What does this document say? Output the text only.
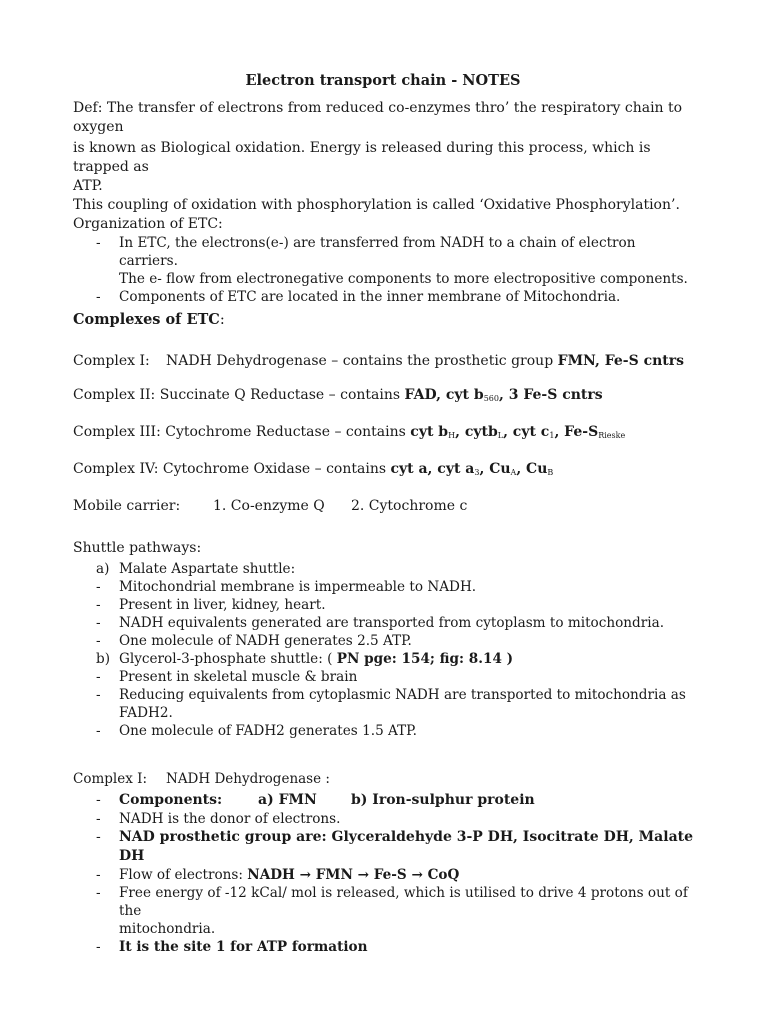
Electron transport chain - NOTES

Def: The transfer of electrons from reduced co-enzymes thro’ the respiratory chain to oxygen

is known as Biological oxidation. Energy is released during this process, which is trapped as

ATP.

This coupling of oxidation with phosphorylation is called ‘Oxidative Phosphorylation’.

Organization of ETC:

- In ETC, the electrons(e-) are transferred from NADH to a chain of electron carriers.
The e- flow from electronegative components to more electropositive components.
- Components of ETC are located in the inner membrane of Mitochondria.
Complexes of ETC:

Complex I: NADH Dehydrogenase – contains the prosthetic group FMN, Fe-S cntrs

Complex II: Succinate Q Reductase – contains FAD, cyt $b_{560}$, 3 Fe-S cntrs

Complex III: Cytochrome Reductase – contains cyt $b_H$, cytb$_L$, cyt $c_1$, $Fe-S_{Rieske}$

Complex IV: Cytochrome Oxidase – contains cyt a, cyt $a_3$, $Cu_A$, $Cu_B$

Mobile carrier: 1. Co-enzyme Q 2. Cytochrome c

Shuttle pathways:

a) Malate Aspartate shuttle:
- Mitochondrial membrane is impermeable to NADH.
- Present in liver, kidney, heart.
- NADH equivalents generated are transported from cytoplasm to mitochondria.
- One molecule of NADH generates 2.5 ATP.
b) Glycerol-3-phosphate shuttle: ( PN pge: 154; fig: 8.14 )
- Present in skeletal muscle & brain
- Reducing equivalents from cytoplasmic NADH are transported to mitochondria as FADH2.
- One molecule of FADH2 generates 1.5 ATP.

Complex I: NADH Dehydrogenase :

- Components:	a) FMN b) Iron-sulphur protein
- NADH is the donor of electrons.
- NAD prosthetic group are: Glyceraldehyde 3-P DH, Isocitrate DH, Malate DH
- Flow of electrons: NADH → FMN → Fe-S → CoQ
- Free energy of -12 kCal/ mol is released, which is utilised to drive 4 protons out of the
mitochondria.
- It is the site 1 for ATP formation
